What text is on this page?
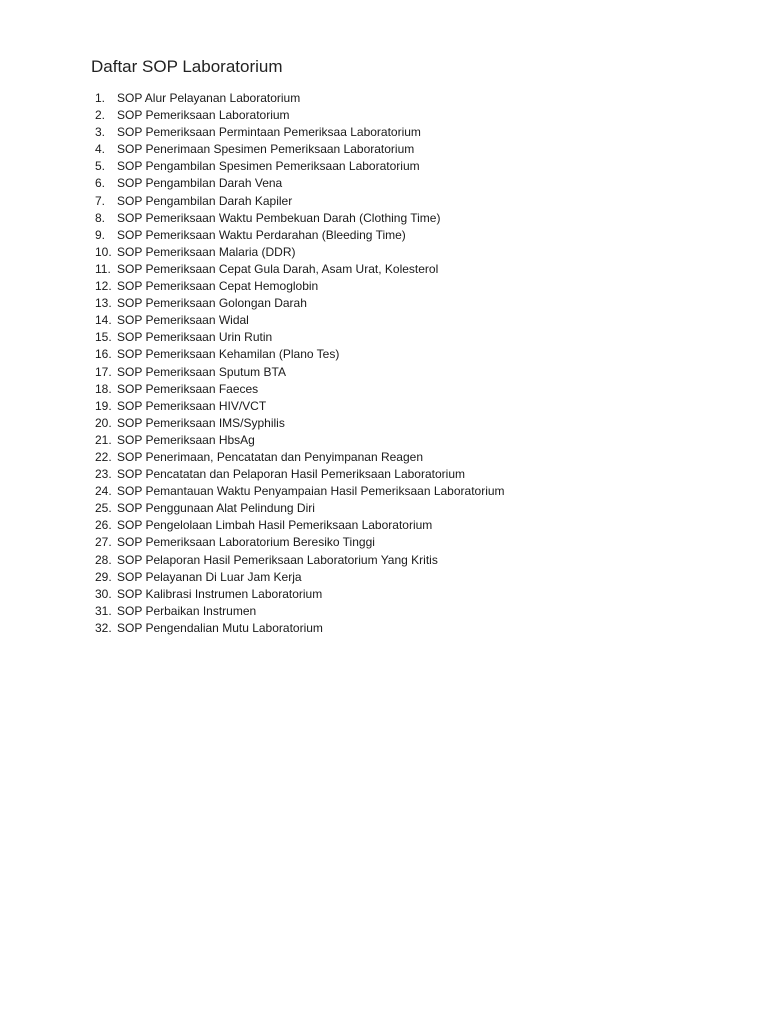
Daftar SOP Laboratorium
1. SOP Alur Pelayanan Laboratorium
2. SOP Pemeriksaan Laboratorium
3. SOP Pemeriksaan Permintaan Pemeriksaa Laboratorium
4. SOP Penerimaan Spesimen Pemeriksaan Laboratorium
5. SOP Pengambilan Spesimen Pemeriksaan Laboratorium
6. SOP Pengambilan Darah Vena
7. SOP Pengambilan Darah Kapiler
8. SOP Pemeriksaan Waktu Pembekuan Darah (Clothing Time)
9. SOP Pemeriksaan Waktu Perdarahan (Bleeding Time)
10. SOP Pemeriksaan Malaria (DDR)
11. SOP Pemeriksaan Cepat Gula Darah, Asam Urat, Kolesterol
12. SOP Pemeriksaan Cepat Hemoglobin
13. SOP Pemeriksaan Golongan Darah
14. SOP Pemeriksaan Widal
15. SOP Pemeriksaan Urin Rutin
16. SOP Pemeriksaan Kehamilan (Plano Tes)
17. SOP Pemeriksaan Sputum BTA
18. SOP Pemeriksaan Faeces
19. SOP Pemeriksaan HIV/VCT
20. SOP Pemeriksaan IMS/Syphilis
21. SOP Pemeriksaan HbsAg
22. SOP Penerimaan, Pencatatan dan Penyimpanan Reagen
23. SOP Pencatatan dan Pelaporan Hasil Pemeriksaan Laboratorium
24. SOP Pemantauan Waktu Penyampaian Hasil Pemeriksaan Laboratorium
25. SOP Penggunaan Alat Pelindung Diri
26. SOP Pengelolaan Limbah Hasil Pemeriksaan Laboratorium
27. SOP Pemeriksaan Laboratorium Beresiko Tinggi
28. SOP Pelaporan Hasil Pemeriksaan Laboratorium Yang Kritis
29. SOP Pelayanan Di Luar Jam Kerja
30. SOP Kalibrasi Instrumen Laboratorium
31. SOP Perbaikan Instrumen
32. SOP Pengendalian Mutu Laboratorium
